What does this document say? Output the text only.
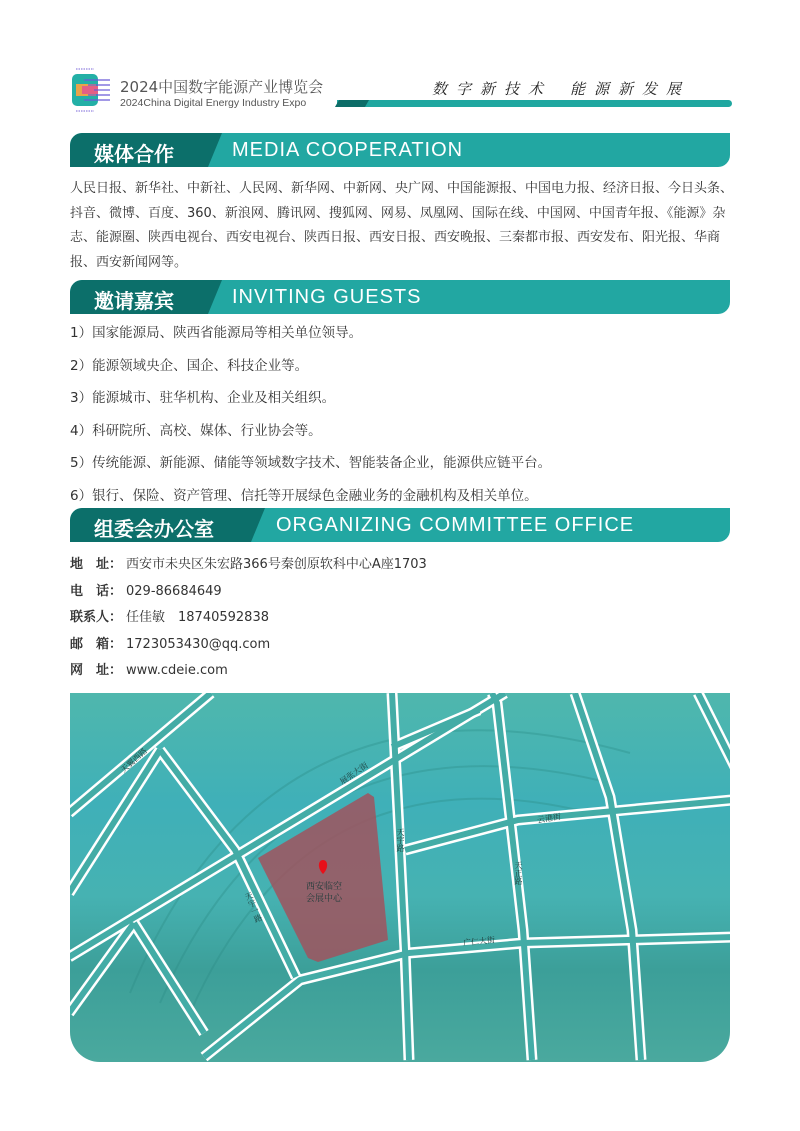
2024中国数字能源产业博览会
2024China Digital Energy Industry Expo
数字新技术 能源新发展
媒体合作	MEDIA COOPERATION
人民日报、新华社、中新社、人民网、新华网、中新网、央广网、中国能源报、中国电力报、经济日报、今日头条、抖音、微博、百度、360、新浪网、腾讯网、搜狐网、网易、凤凰网、国际在线、中国网、中国青年报、《能源》杂志、能源圈、陕西电视台、西安电视台、陕西日报、西安日报、西安晚报、三秦都市报、西安发布、阳光报、华商报、西安新闻网等。
邀请嘉宾	INVITING GUESTS
1）国家能源局、陕西省能源局等相关单位领导。
2）能源领域央企、国企、科技企业等。
3）能源城市、驻华机构、企业及相关组织。
4）科研院所、高校、媒体、行业协会等。
5）传统能源、新能源、储能等领域数字技术、智能装备企业，能源供应链平台。
6）银行、保险、资产管理、信托等开展绿色金融业务的金融机构及相关单位。
组委会办公室	ORGANIZING COMMITTEE OFFICE
地　址： 西安市未央区朱宏路366号秦创原软科中心A座1703
电　话： 029-86684649
联系人： 任佳敏　18740592838
邮　箱： 1723053430@qq.com
网　址： www.cdeie.com
西安临空
会展中心
天翼西路	展张大街
天宇路
云港街
天正路
天宇一路
广仁大街
